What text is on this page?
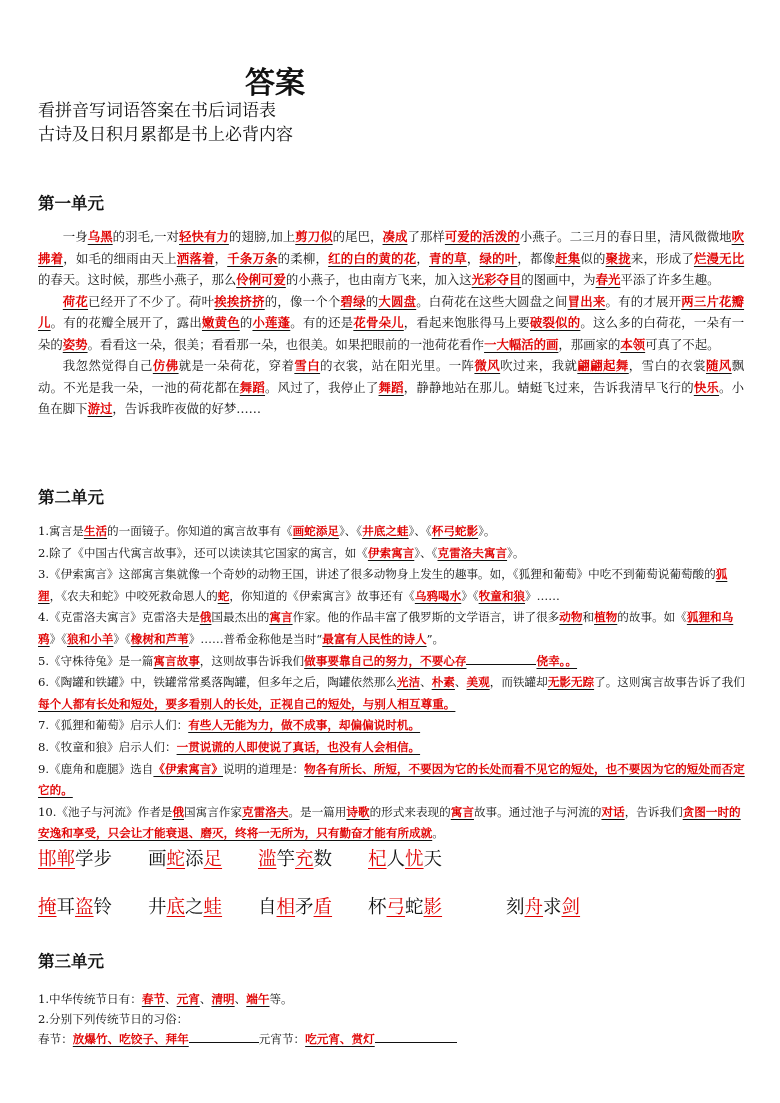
答案
看拼音写词语答案在书后词语表
古诗及日积月累都是书上必背内容
第一单元

一身乌黑的羽毛,一对轻快有力的翅膀,加上剪刀似的尾巴，凑成了那样可爱的活泼的小燕子。二三月的春日里，清风微微地吹拂着，如毛的细雨由天上洒落着，千条万条的柔柳，红的白的黄的花，青的草，绿的叶，都像赶集似的聚拢来，形成了烂漫无比的春天。这时候，那些小燕子，那么伶俐可爱的小燕子，也由南方飞来，加入这光彩夺目的图画中，为春光平添了许多生趣。

荷花已经开了不少了。荷叶挨挨挤挤的，像一个个碧绿的大圆盘。白荷花在这些大圆盘之间冒出来。有的才展开两三片花瓣儿。有的花瓣全展开了，露出嫩黄色的小莲蓬。有的还是花骨朵儿，看起来饱胀得马上要破裂似的。这么多的白荷花，一朵有一朵的姿势。看看这一朵，很美；看看那一朵，也很美。如果把眼前的一池荷花看作一大幅活的画，那画家的本领可真了不起。

我忽然觉得自己仿佛就是一朵荷花，穿着雪白的衣裳，站在阳光里。一阵微风吹过来，我就翩翩起舞，雪白的衣裳随风飘动。不光是我一朵，一池的荷花都在舞蹈。风过了，我停止了舞蹈，静静地站在那儿。蜻蜓飞过来，告诉我清早飞行的快乐。小鱼在脚下游过，告诉我昨夜做的好梦……

第二单元
1.寓言是生活的一面镜子。你知道的寓言故事有《画蛇添足》、《井底之蛙》、《杯弓蛇影》。
2.除了《中国古代寓言故事》，还可以读读其它国家的寓言，如《伊索寓言》、《克雷洛夫寓言》。
3.《伊索寓言》这部寓言集就像一个奇妙的动物王国，讲述了很多动物身上发生的趣事。如，《狐狸和葡萄》中吃不到葡萄说葡萄酸的狐狸，《农夫和蛇》中咬死救命恩人的蛇，你知道的《伊索寓言》故事还有《乌鸦喝水》《牧童和狼》……
4.《克雷洛夫寓言》克雷洛夫是俄国最杰出的寓言作家。他的作品丰富了俄罗斯的文学语言，讲了很多动物和植物的故事。如《狐狸和乌鸦》《狼和小羊》《橡树和芦苇》……普希金称他是当时“最富有人民性的诗人”。
5.《守株待兔》是一篇寓言故事，这则故事告诉我们做事要靠自己的努力，不要心存	侥幸。。
6.《陶罐和铁罐》中，铁罐常常奚落陶罐，但多年之后，陶罐依然那么光洁、朴素、美观，而铁罐却无影无踪了。这则寓言故事告诉了我们每个人都有长处和短处，要多看别人的长处，正视自己的短处，与别人相互尊重。
7.《狐狸和葡萄》启示人们：有些人无能为力，做不成事，却偏偏说时机。
8.《牧童和狼》启示人们：一贯说谎的人即使说了真话，也没有人会相信。
9.《鹿角和鹿腿》选自《伊索寓言》说明的道理是：物各有所长、所短，不要因为它的长处而看不见它的短处，也不要因为它的短处而否定它的。
10.《池子与河流》作者是俄国寓言作家克雷洛夫。是一篇用诗歌的形式来表现的寓言故事。通过池子与河流的对话，告诉我们贪图一时的安逸和享受，只会让才能衰退、磨灭，终将一无所为，只有勤奋才能有所成就。
邯郸学步 画蛇添足 滥竽充数 杞人忧天
掩耳盗铃 井底之蛙 自相矛盾 杯弓蛇影	刻舟求剑
第三单元
1.中华传统节日有：春节、元宵、清明、端午等。
2.分别下列传统节日的习俗：
春节：放爆竹、吃饺子、拜年	元宵节：吃元宵、赏灯
